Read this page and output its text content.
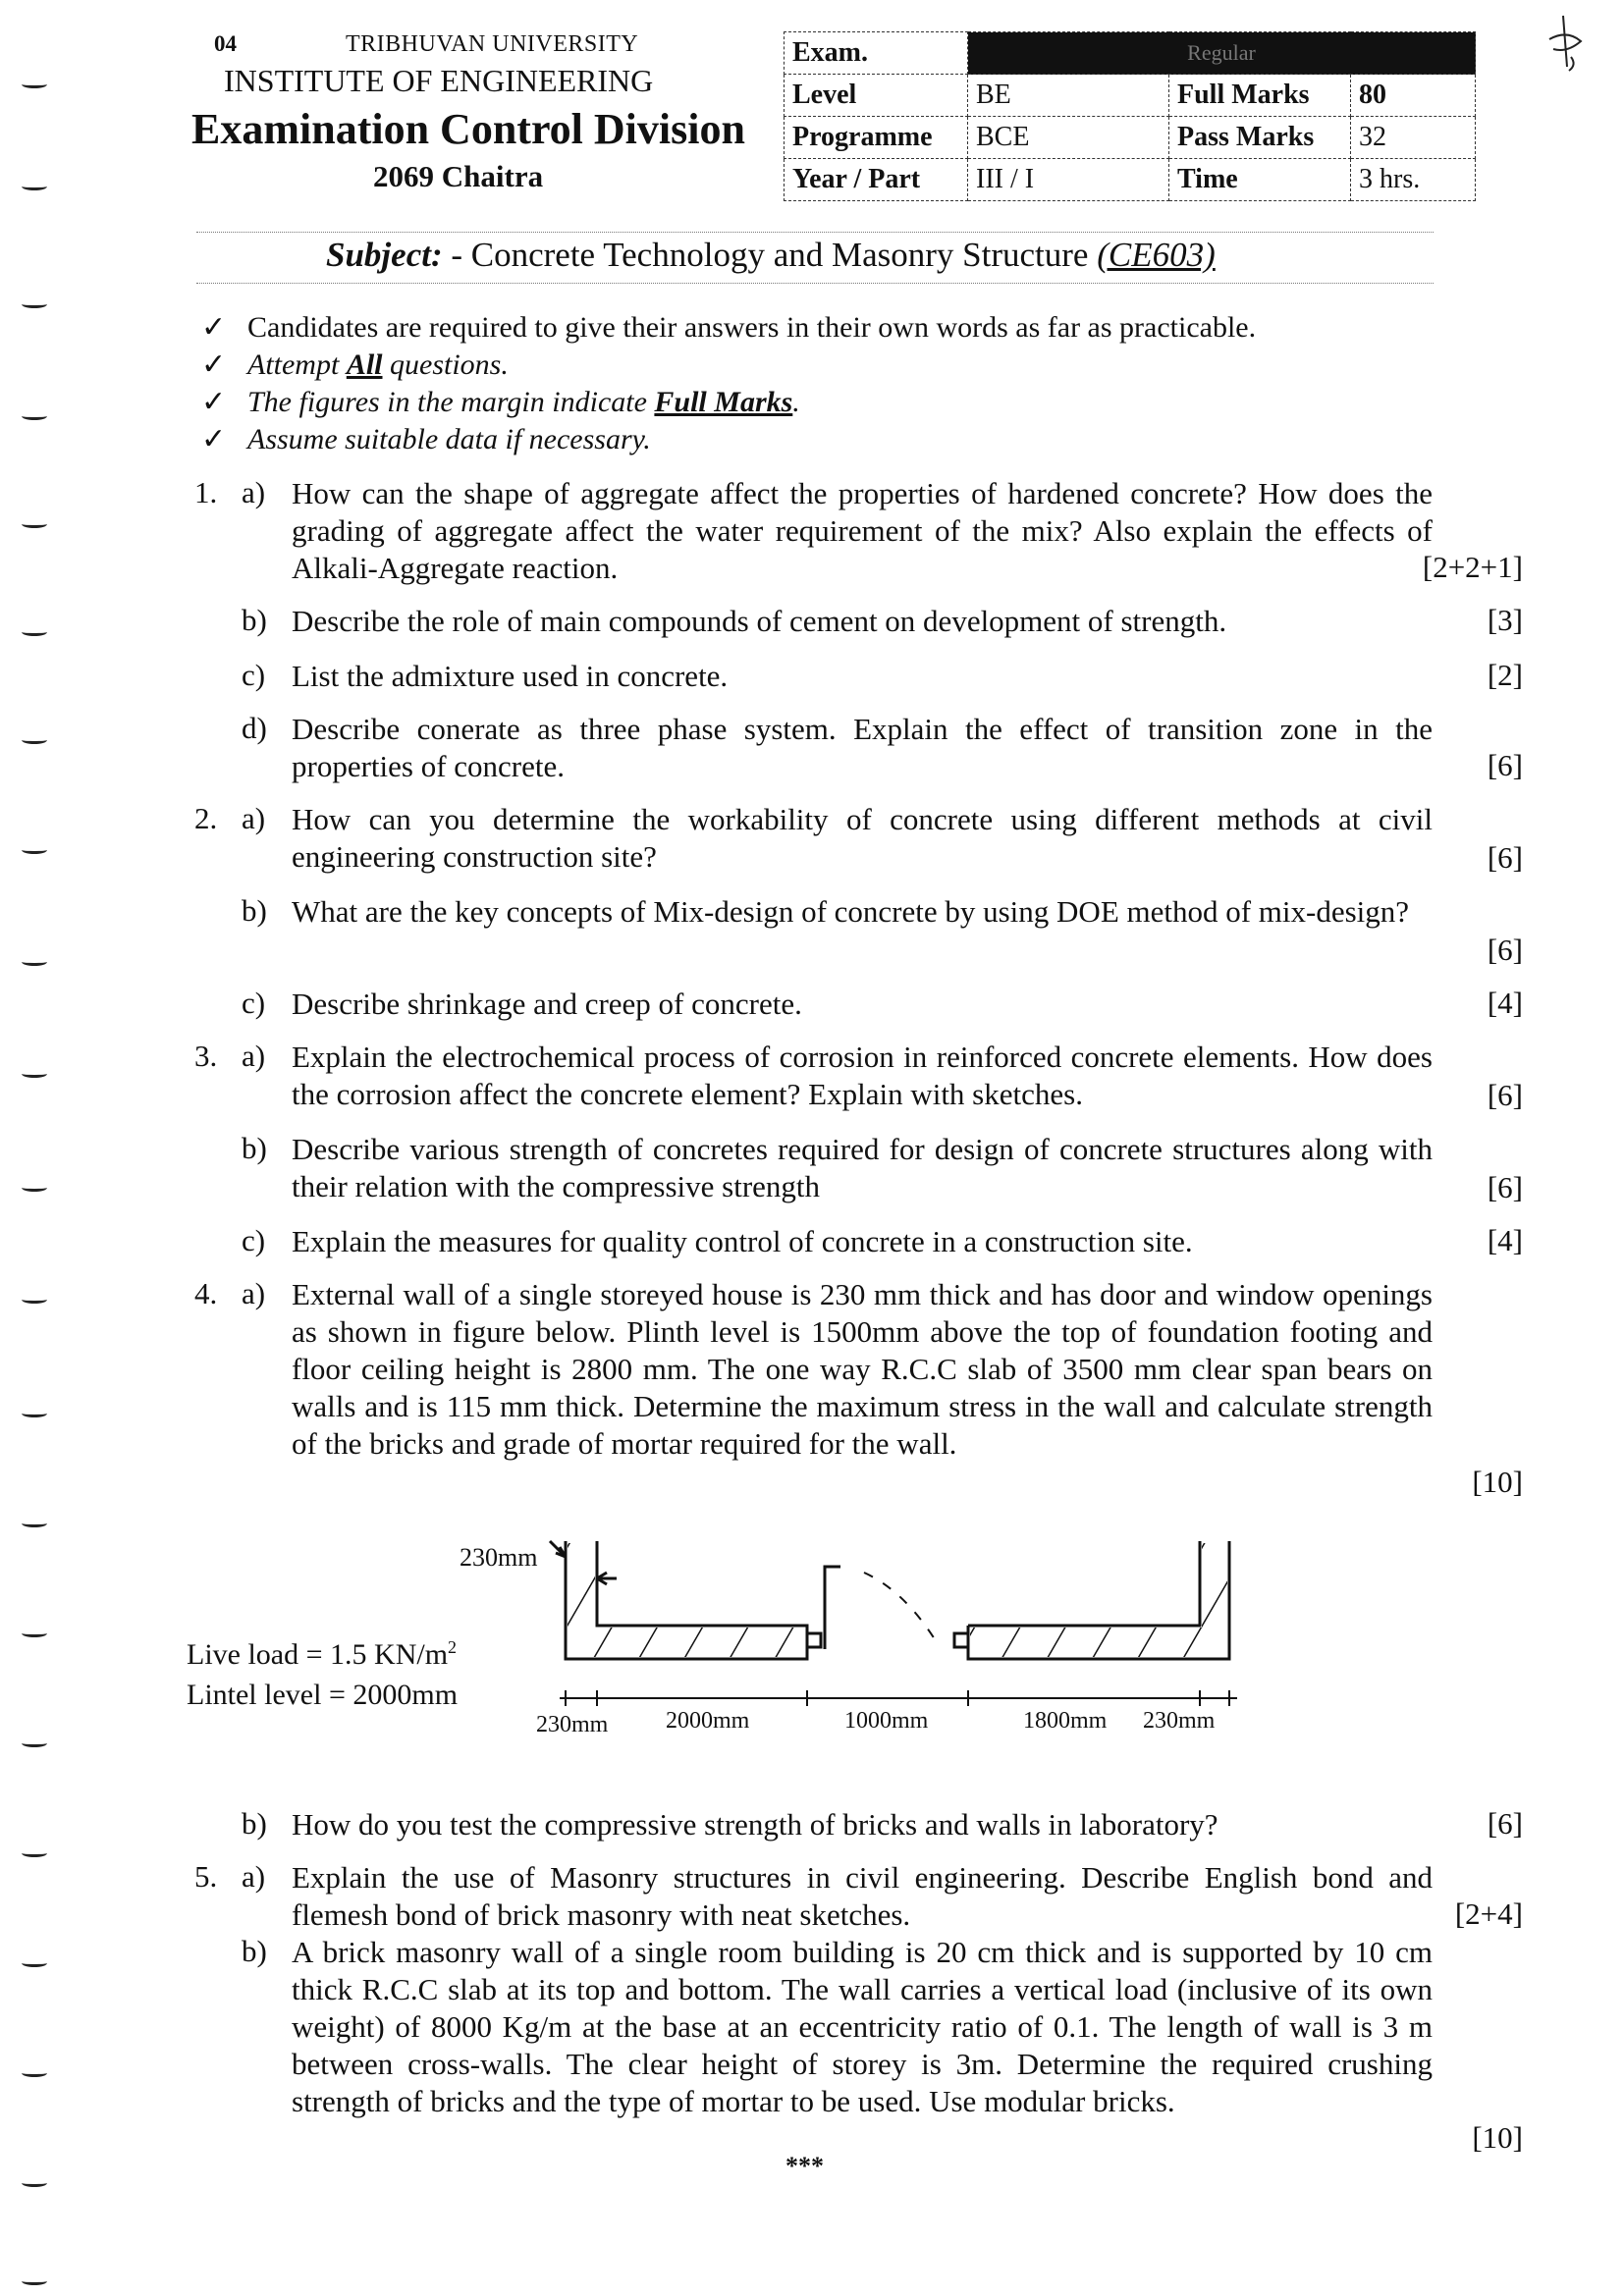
04	TRIBHUVAN UNIVERSITY
INSTITUTE OF ENGINEERING
Examination Control Division
2069 Chaitra
Exam.	Regular		
Level	BE	Full Marks	80
Programme	BCE	Pass Marks	32
Year / Part	III / I	Time	3 hrs.
Subject: - Concrete Technology and Masonry Structure (CE603)
✓ Candidates are required to give their answers in their own words as far as practicable.
✓ Attempt All questions.
✓ The figures in the margin indicate Full Marks.
✓ Assume suitable data if necessary.
1. a) How can the shape of aggregate affect the properties of hardened concrete? How does the grading of aggregate affect the water requirement of the mix? Also explain the effects of Alkali-Aggregate reaction.	[2+2+1]
b) Describe the role of main compounds of cement on development of strength.	[3]
c) List the admixture used in concrete.	[2]
d) Describe conerate as three phase system. Explain the effect of transition zone in the properties of concrete.	[6]
2. a) How can you determine the workability of concrete using different methods at civil engineering construction site?	[6]
b) What are the key concepts of Mix-design of concrete by using DOE method of mix-design?
[6]
c) Describe shrinkage and creep of concrete.	[4]
3. a) Explain the electrochemical process of corrosion in reinforced concrete elements. How does the corrosion affect the concrete element? Explain with sketches.	[6]
b) Describe various strength of concretes required for design of concrete structures along with their relation with the compressive strength	[6]
c) Explain the measures for quality control of concrete in a construction site.	[4]
4. a) External wall of a single storeyed house is 230 mm thick and has door and window openings as shown in figure below. Plinth level is 1500mm above the top of foundation footing and floor ceiling height is 2800 mm. The one way R.C.C slab of 3500 mm clear span bears on walls and is 115 mm thick. Determine the maximum stress in the wall and calculate strength of the bricks and grade of mortar required for the wall.
[10]
230mm
Live load = 1.5 $KN/m^2$
Lintel level = 2000mm
230mm 2000mm	1000mm	1800mm 230mm
b) How do you test the compressive strength of bricks and walls in laboratory?	[6]
5. a) Explain the use of Masonry structures in civil engineering. Describe English bond and flemesh bond of brick masonry with neat sketches.	[2+4]
b) A brick masonry wall of a single room building is 20 cm thick and is supported by 10 cm thick R.C.C slab at its top and bottom. The wall carries a vertical load (inclusive of its own weight) of 8000 Kg/m at the base at an eccentricity ratio of 0.1. The length of wall is 3 m between cross-walls. The clear height of storey is 3m. Determine the required crushing strength of bricks and the type of mortar to be used. Use modular bricks.
[10]
***
